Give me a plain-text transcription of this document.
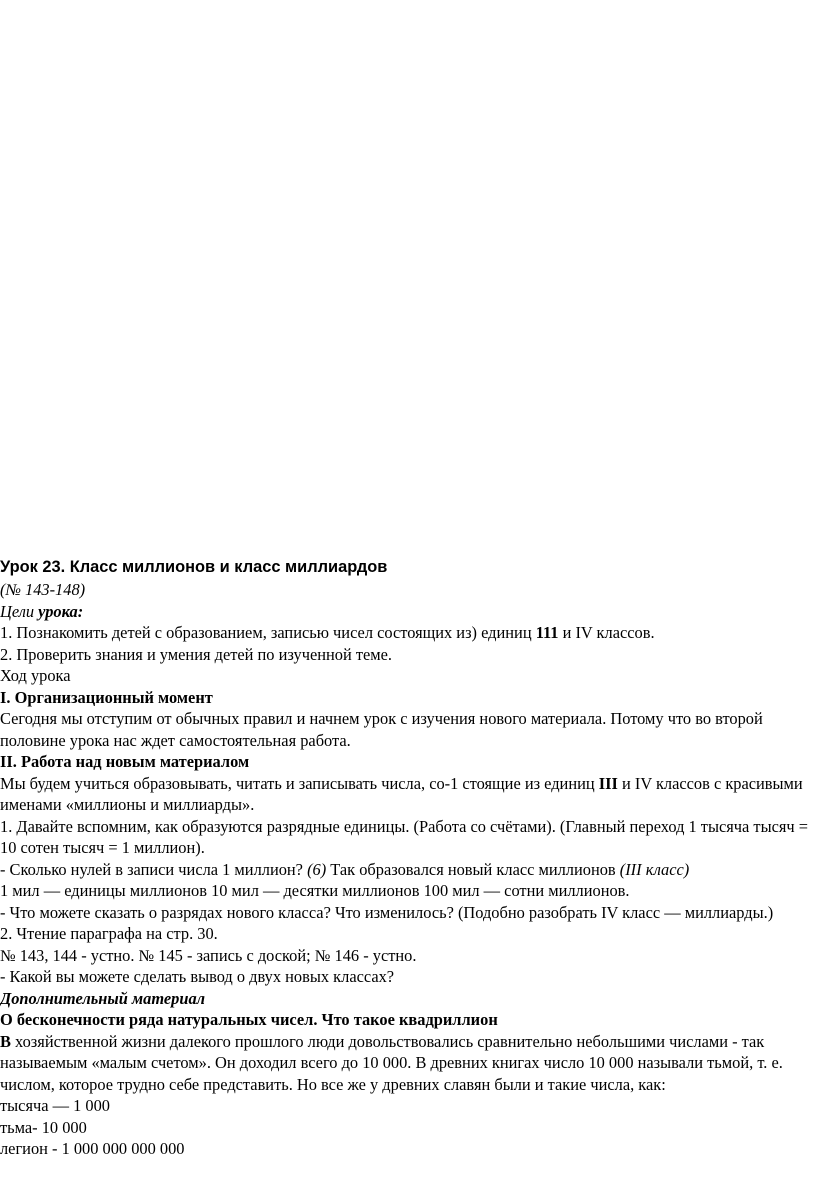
Урок 23. Класс миллионов и класс миллиардов

(№ 143-148)

Цели урока:

1. Познакомить детей с образованием, записью чисел состоящих из) единиц 111 и IV классов.

2. Проверить знания и умения детей по изученной теме.

Ход урока

I. Организационный момент

Сегодня мы отступим от обычных правил и начнем урок с изучения нового материала. Потому что во второй половине урока нас ждет самостоятельная работа.

II. Работа над новым материалом

Мы будем учиться образовывать, читать и записывать числа, со-1 стоящие из единиц III и IV классов с красивыми именами «миллионы и миллиарды».

1. Давайте вспомним, как образуются разрядные единицы. (Работа со счётами). (Главный переход 1 тысяча тысяч = 10 сотен тысяч = 1 миллион).

- Сколько нулей в записи числа 1 миллион? (6) Так образовался новый класс миллионов (III класс)

1 мил — единицы миллионов 10 мил — десятки миллионов 100 мил — сотни миллионов.

- Что можете сказать о разрядах нового класса? Что изменилось? (Подобно разобрать IV класс — миллиарды.)

2. Чтение параграфа на стр. 30.

№ 143, 144 - устно. № 145 - запись с доской; № 146 - устно.

- Какой вы можете сделать вывод о двух новых классах?

Дополнительный материал

О бесконечности ряда натуральных чисел. Что такое квадриллион

В хозяйственной жизни далекого прошлого люди довольствовались сравнительно небольшими числами - так называемым «малым счетом». Он доходил всего до 10 000. В древних книгах число 10 000 называли тьмой, т. е. числом, которое трудно себе представить. Но все же у древних славян были и такие числа, как:

тысяча — 1 000

тьма- 10 000

легион - 1 000 000 000 000
